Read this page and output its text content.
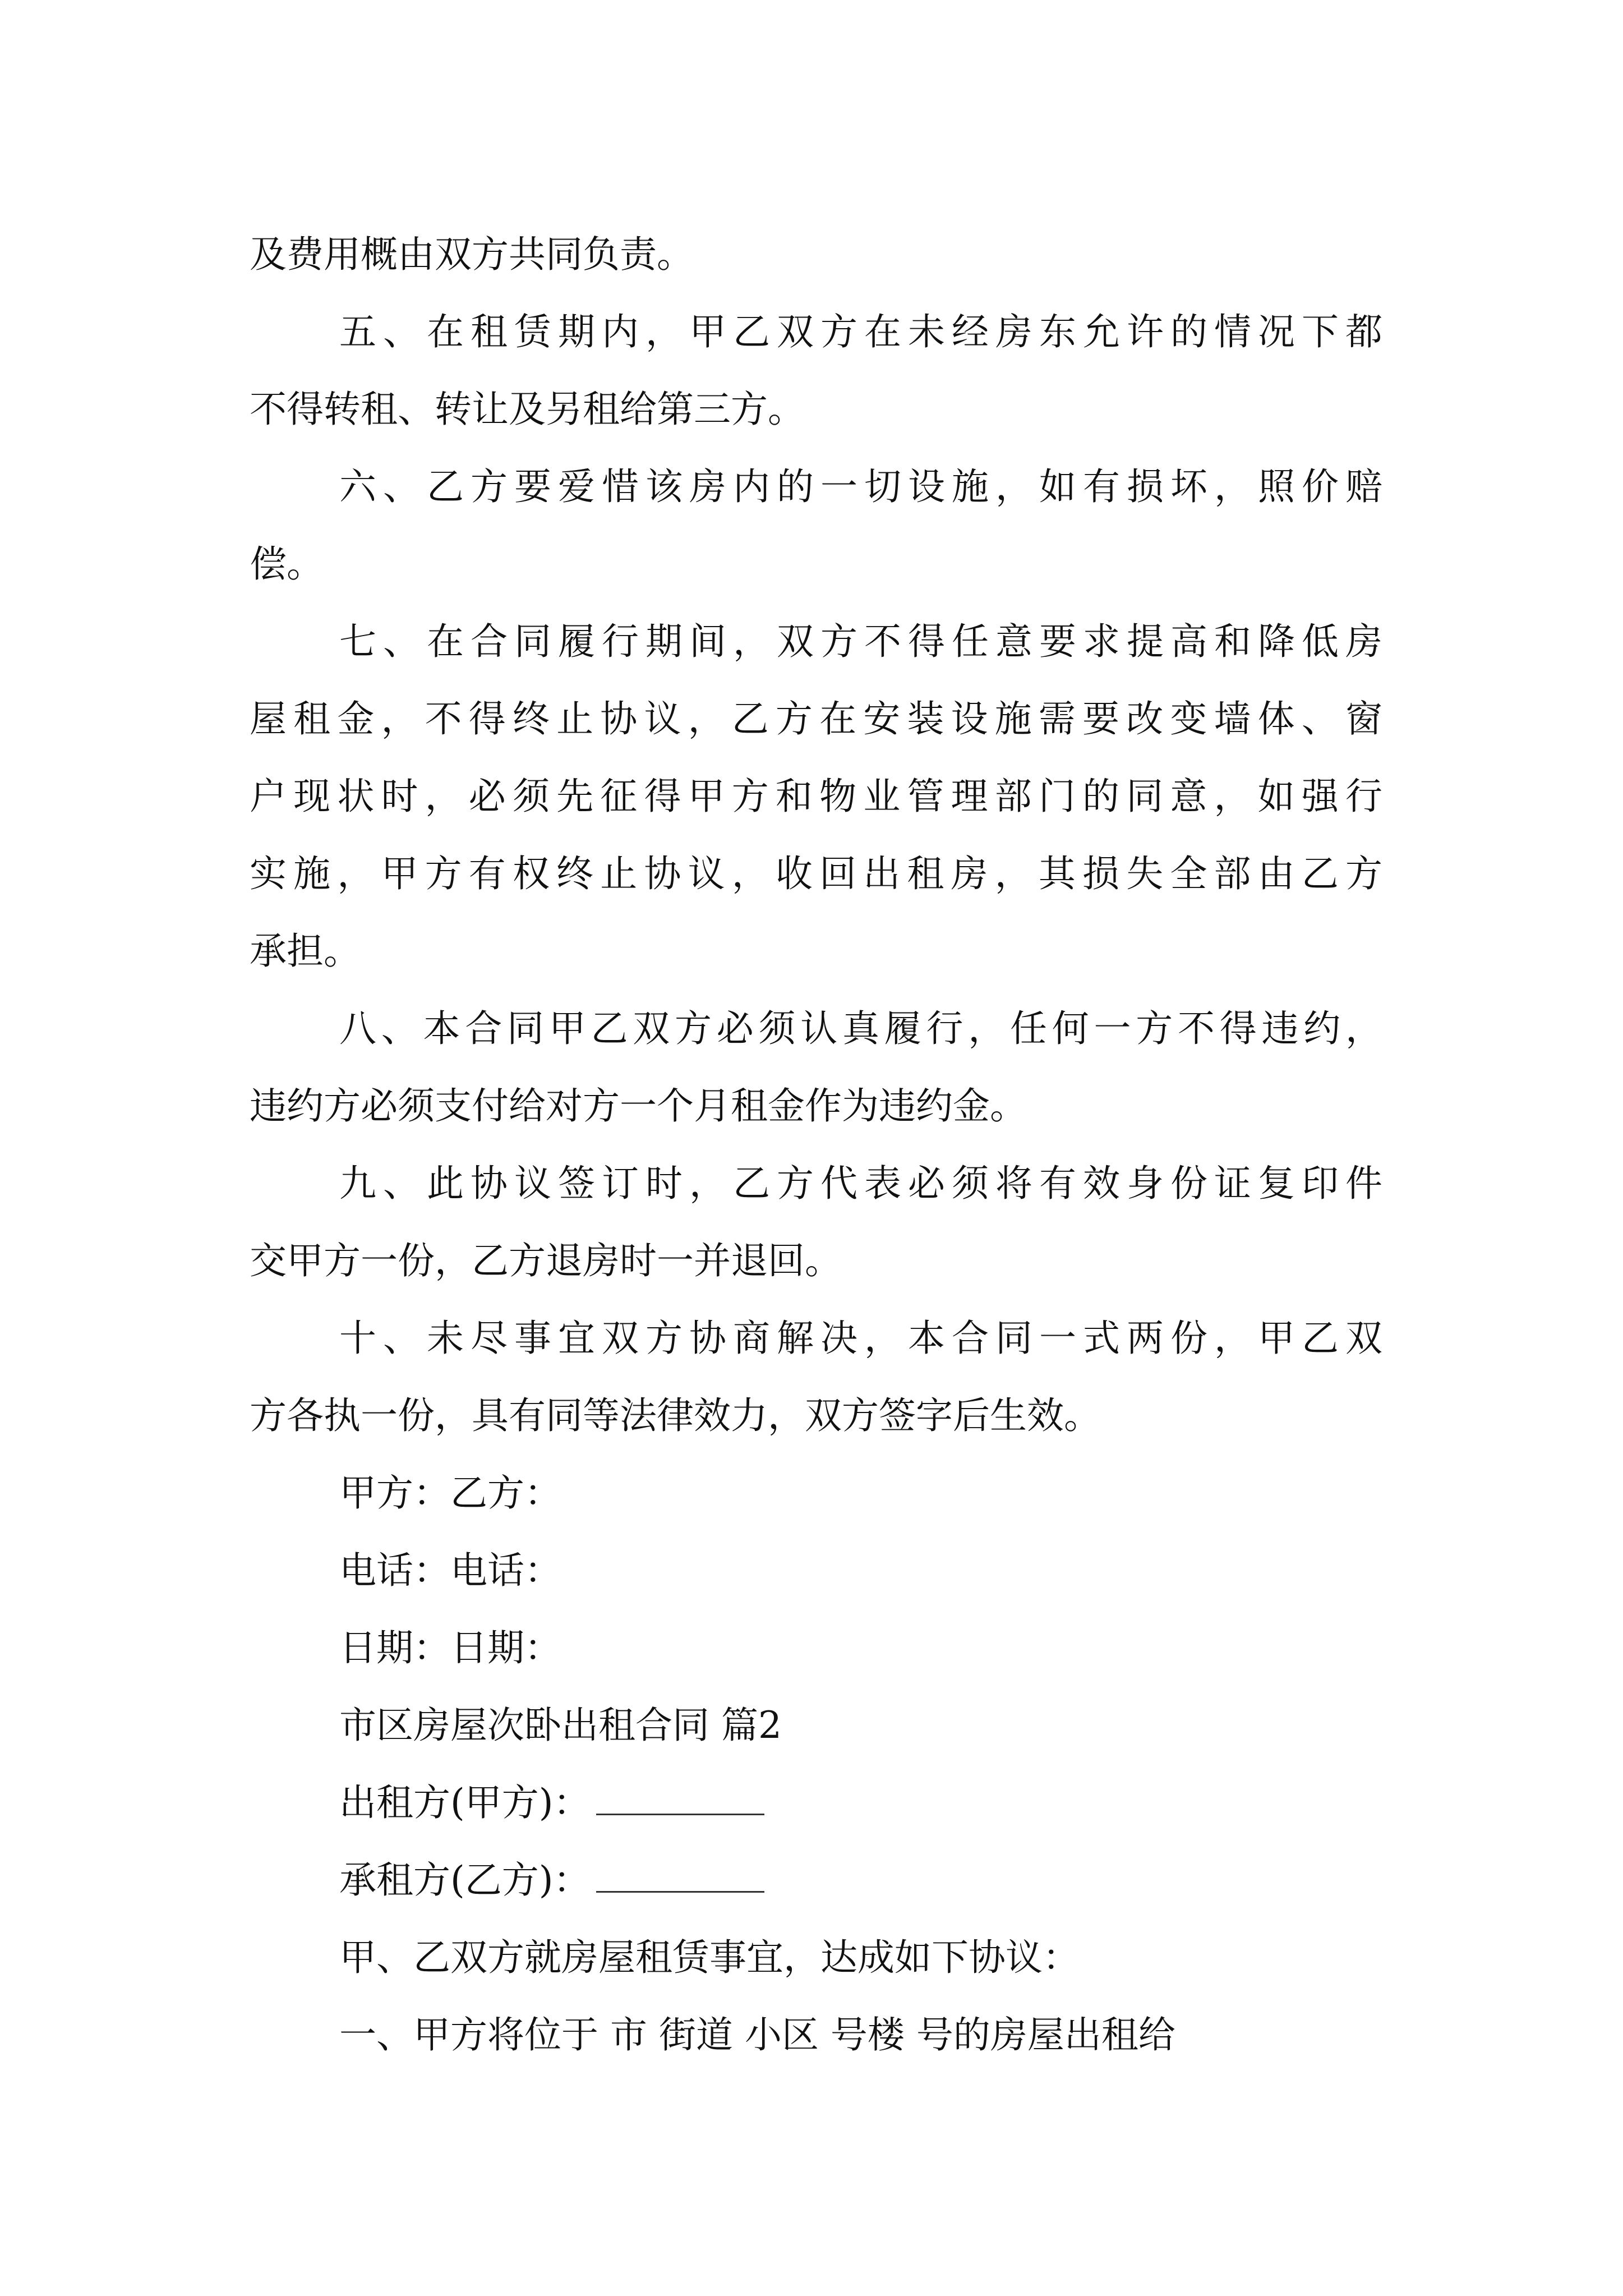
及费用概由双方共同负责。
五、在租赁期内，甲乙双方在未经房东允许的情况下都
不得转租、转让及另租给第三方。
六、乙方要爱惜该房内的一切设施，如有损坏，照价赔
偿。
七、在合同履行期间，双方不得任意要求提高和降低房
屋租金，不得终止协议，乙方在安装设施需要改变墙体、窗
户现状时，必须先征得甲方和物业管理部门的同意，如强行
实施，甲方有权终止协议，收回出租房，其损失全部由乙方
承担。
八、本合同甲乙双方必须认真履行，任何一方不得违约，
违约方必须支付给对方一个月租金作为违约金。
九、此协议签订时，乙方代表必须将有效身份证复印件
交甲方一份，乙方退房时一并退回。
十、未尽事宜双方协商解决，本合同一式两份，甲乙双
方各执一份，具有同等法律效力，双方签字后生效。
甲方：乙方：
电话：电话：
日期：日期：
市区房屋次卧出租合同 篇2
出租方(甲方)：
承租方(乙方)：
甲、乙双方就房屋租赁事宜，达成如下协议：
一、甲方将位于 市 街道 小区 号楼 号的房屋出租给
